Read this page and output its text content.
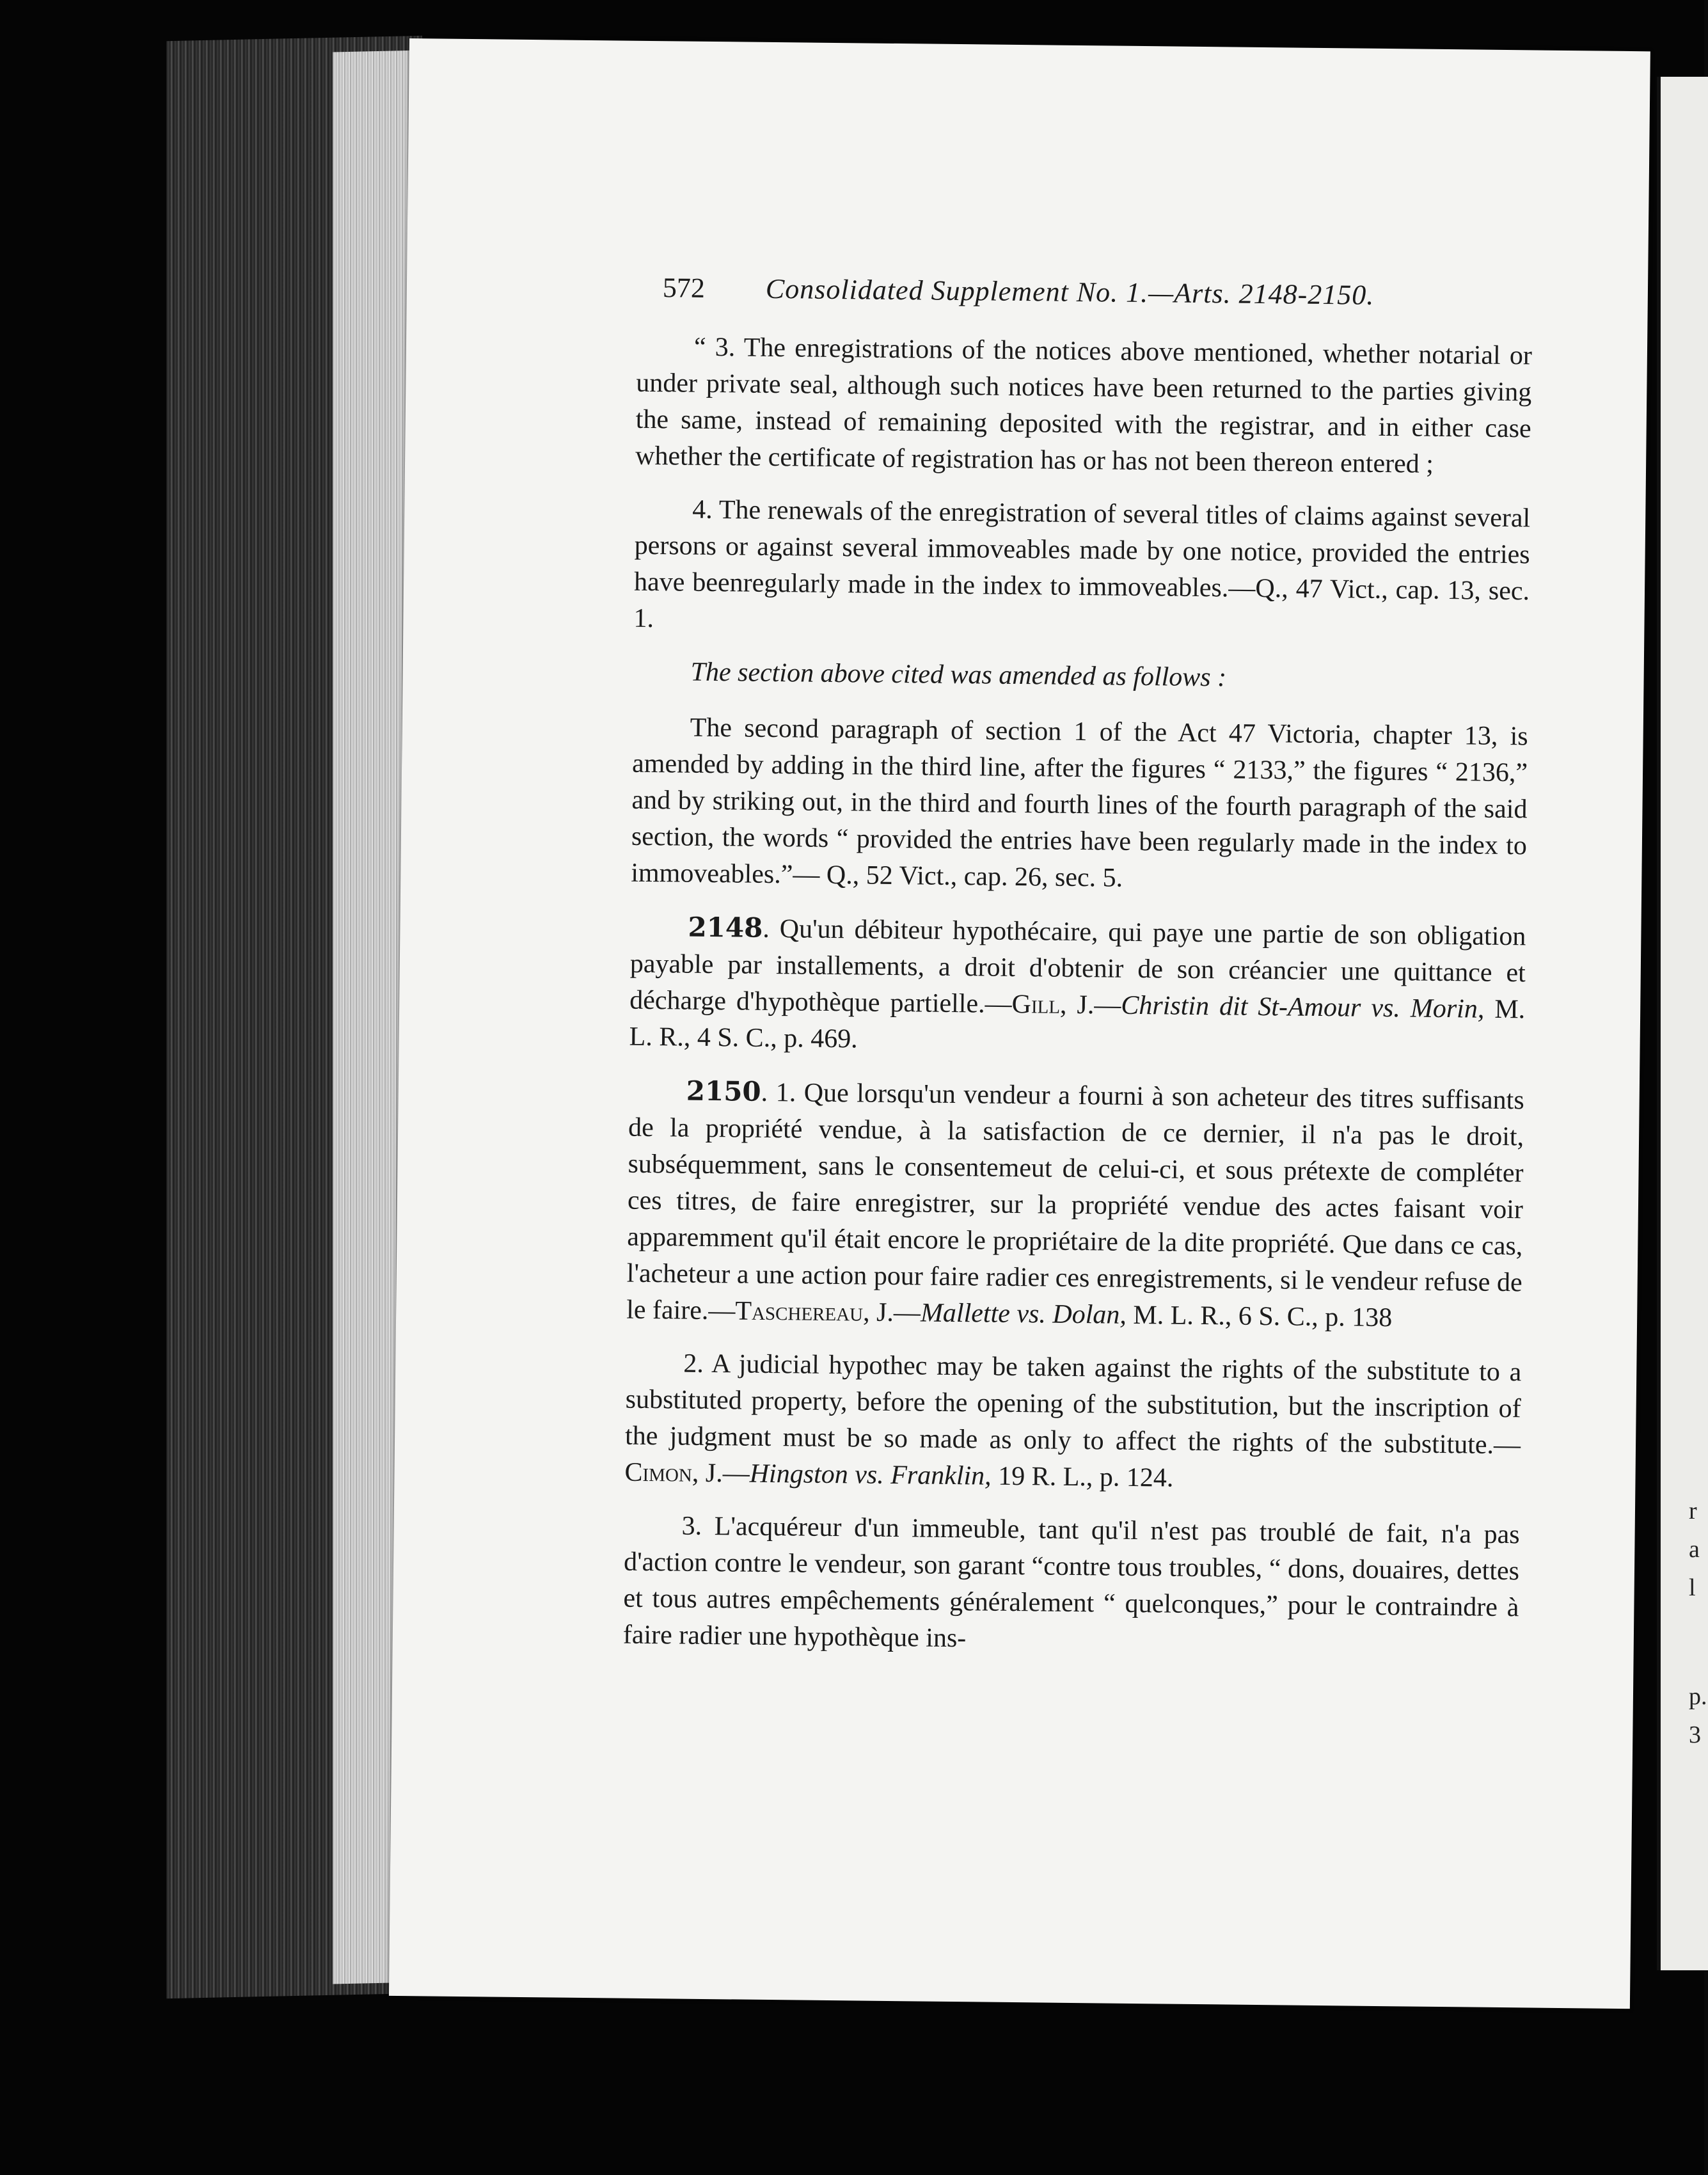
572 Consolidated Supplement No. 1.—Arts. 2148-2150.

“ 3. The enregistrations of the notices above mentioned, whether notarial or under private seal, although such notices have been returned to the parties giving the same, instead of remaining deposited with the registrar, and in either case whether the certificate of registration has or has not been thereon entered ;

4. The renewals of the enregistration of several titles of claims against several persons or against several immoveables made by one notice, provided the entries have beenregularly made in the index to immoveables.—Q., 47 Vict., cap. 13, sec. 1.

The section above cited was amended as follows :

The second paragraph of section 1 of the Act 47 Victoria, chapter 13, is amended by adding in the third line, after the figures “ 2133,” the figures “ 2136,” and by striking out, in the third and fourth lines of the fourth paragraph of the said section, the words “ provided the entries have been regularly made in the index to immoveables.”— Q., 52 Vict., cap. 26, sec. 5.

2148. Qu'un débiteur hypothécaire, qui paye une partie de son obligation payable par installements, a droit d'obtenir de son créancier une quittance et décharge d'hypothèque partielle.—Gill, J.—Christin dit St-Amour vs. Morin, M. L. R., 4 S. C., p. 469.

2150. 1. Que lorsqu'un vendeur a fourni à son acheteur des titres suffisants de la propriété vendue, à la satisfaction de ce dernier, il n'a pas le droit, subséquemment, sans le consentemeut de celui-ci, et sous prétexte de compléter ces titres, de faire enregistrer, sur la propriété vendue des actes faisant voir apparemment qu'il était encore le propriétaire de la dite propriété. Que dans ce cas, l'acheteur a une action pour faire radier ces enregistrements, si le vendeur refuse de le faire.—Taschereau, J.—Mallette vs. Dolan, M. L. R., 6 S. C., p. 138

2. A judicial hypothec may be taken against the rights of the substitute to a substituted property, before the opening of the substitution, but the inscription of the judgment must be so made as only to affect the rights of the substitute.—Cimon, J.—Hingston vs. Franklin, 19 R. L., p. 124.

3. L'acquéreur d'un immeuble, tant qu'il n'est pas troublé de fait, n'a pas d'action contre le vendeur, son garant “contre tous troubles, “ dons, douaires, dettes et tous autres empêchements généralement “ quelconques,” pour le contraindre à faire radier une hypothèque ins-

r
a
l
p.
3
